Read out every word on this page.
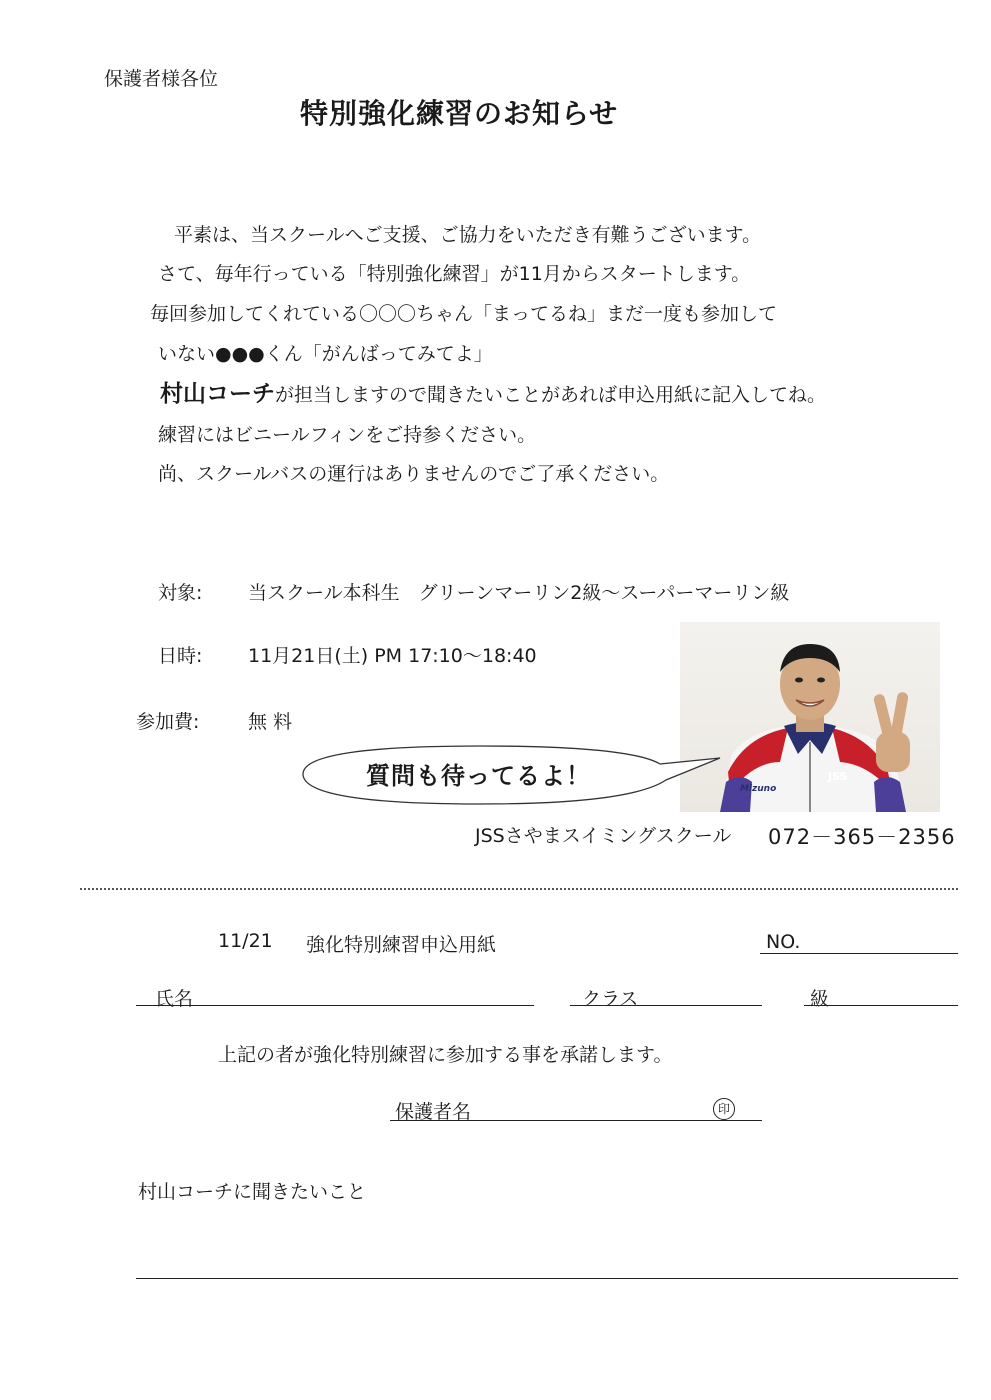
保護者様各位
特別強化練習のお知らせ
平素は、当スクールへご支援、ご協力をいただき有難うございます。
さて、毎年行っている「特別強化練習」が11月からスタートします。
毎回参加してくれている〇〇〇ちゃん「まってるね」まだ一度も参加して
いない●●●くん「がんばってみてよ」
村山コーチが担当しますので聞きたいことがあれば申込用紙に記入してね。
練習にはビニールフィンをご持参ください。
尚、スクールバスの運行はありませんのでご了承ください。
対象: 当スクール本科生　グリーンマーリン2級～スーパーマーリン級
日時: 11月21日(土) PM 17:10～18:40
参加費:	無 料
JSS
Mizuno
質問も待ってるよ！
JSSさやまスイミングスクール 072－365－2356
11/21 強化特別練習申込用紙	NO.
氏名	クラス	級
上記の者が強化特別練習に参加する事を承諾します。
保護者名	印
村山コーチに聞きたいこと
